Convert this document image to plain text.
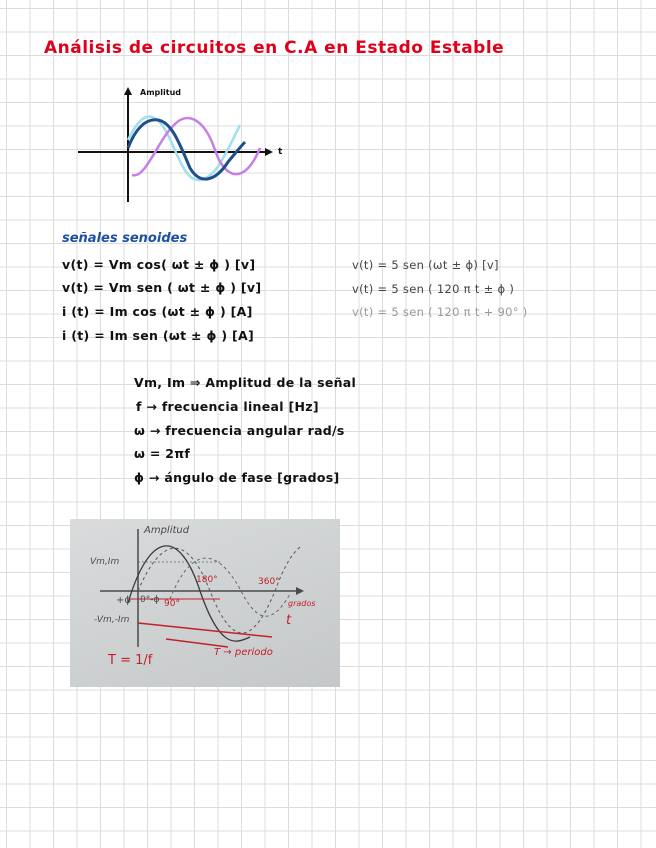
Análisis de circuitos en C.A en Estado Estable
Amplitud
t
señales senoides
v(t) = Vm cos( ωt ± ϕ ) [v]
v(t) = Vm sen ( ωt ± ϕ ) [v]
i (t) = Im cos (ωt ± ϕ ) [A]
i (t) = Im sen (ωt ± ϕ ) [A]
v(t) = 5 sen (ωt ± ϕ) [v]
v(t) = 5 sen ( 120 π t ± ϕ )
v(t) = 5 sen ( 120 π t + 90° )
Vm, Im ⇒ Amplitud de la señal
f → frecuencia lineal [Hz]
ω → frecuencia angular rad/s
ω = 2πf
ϕ → ángulo de fase [grados]
Amplitud
Vm,Im
-Vm,-Im
+ϕ 0°-ϕ 90°
180°	360°
grados
t
T → periodo
T = 1/f
